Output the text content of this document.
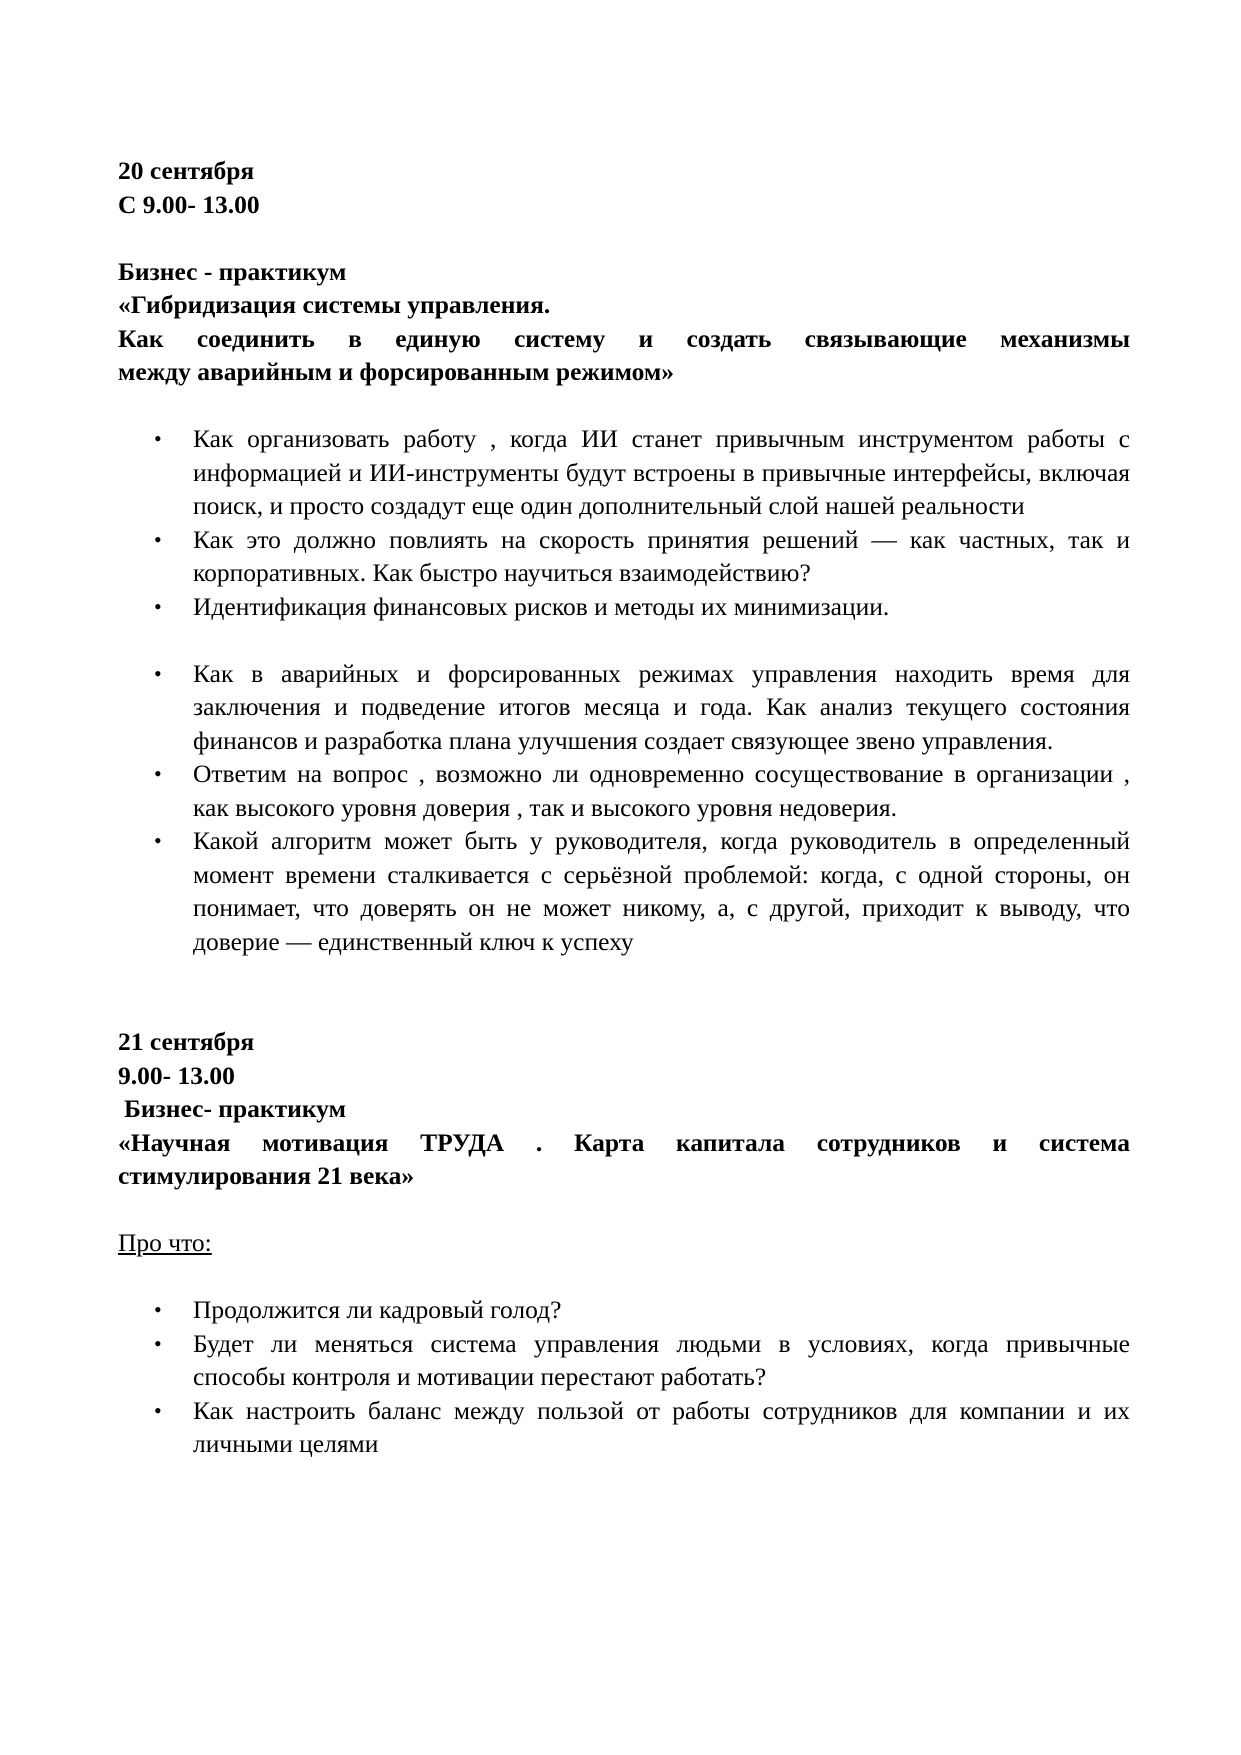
20 сентября
С 9.00- 13.00
Бизнес - практикум
«Гибридизация системы управления.
Как соединить в единую систему и создать связывающие механизмы
между аварийным и форсированным режимом»
• Как организовать работу , когда ИИ станет привычным инструментом работы с информацией и ИИ-инструменты будут встроены в привычные интерфейсы, включая поиск, и просто создадут еще один дополнительный слой нашей реальности
• Как это должно повлиять на скорость принятия решений — как частных, так и корпоративных. Как быстро научиться взаимодействию?
• Идентификация финансовых рисков и методы их минимизации.
• Как в аварийных и форсированных режимах управления находить время для заключения и подведение итогов месяца и года. Как анализ текущего состояния финансов и разработка плана улучшения создает связующее звено управления.
• Ответим на вопрос , возможно ли одновременно сосуществование в организации , как высокого уровня доверия , так и высокого уровня недоверия.
• Какой алгоритм может быть у руководителя, когда руководитель в определенный момент времени сталкивается с серьёзной проблемой: когда, с одной стороны, он понимает, что доверять он не может никому, а, с другой, приходит к выводу, что доверие — единственный ключ к успеху
21 сентября
9.00- 13.00
Бизнес- практикум
«Научная мотивация ТРУДА . Карта капитала сотрудников и система
стимулирования 21 века»
Про что:
• Продолжится ли кадровый голод?
• Будет ли меняться система управления людьми в условиях, когда привычные способы контроля и мотивации перестают работать?
• Как настроить баланс между пользой от работы сотрудников для компании и их личными целями
